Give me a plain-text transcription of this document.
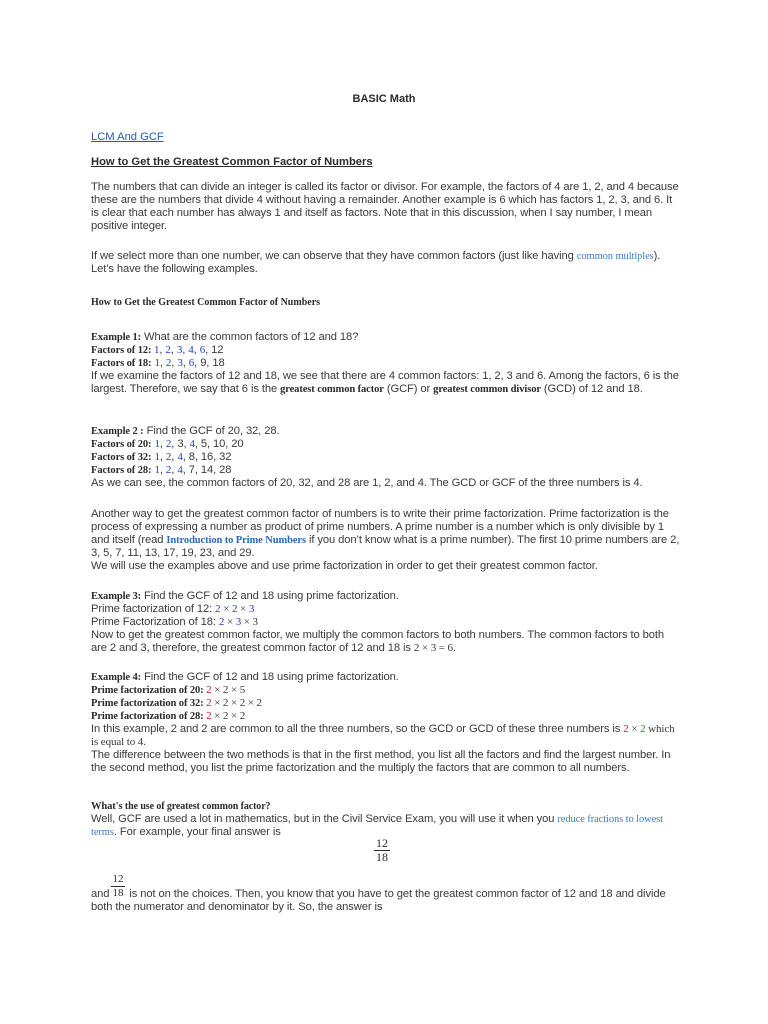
BASIC Math
LCM And GCF
How to Get the Greatest Common Factor of Numbers
The numbers that can divide an integer is called its factor or divisor. For example, the factors of 4 are 1, 2, and 4 because these are the numbers that divide 4 without having a remainder. Another example is 6 which has factors 1, 2, 3, and 6. It is clear that each number has always 1 and itself as factors. Note that in this discussion, when I say number, I mean positive integer.
If we select more than one number, we can observe that they have common factors (just like having common multiples). Let’s have the following examples.
How to Get the Greatest Common Factor of Numbers
Example 1: What are the common factors of 12 and 18?
Factors of 12: 1, 2, 3, 4, 6, 12
Factors of 18: 1, 2, 3, 6, 9, 18
If we examine the factors of 12 and 18, we see that there are 4 common factors: 1, 2, 3 and 6. Among the factors, 6 is the largest. Therefore, we say that 6 is the greatest common factor (GCF) or greatest common divisor (GCD) of 12 and 18.
Example 2 : Find the GCF of 20, 32, 28.
Factors of 20: 1, 2, 3, 4, 5, 10, 20
Factors of 32: 1, 2, 4, 8, 16, 32
Factors of 28: 1, 2, 4, 7, 14, 28
As we can see, the common factors of 20, 32, and 28 are 1, 2, and 4. The GCD or GCF of the three numbers is 4.
Another way to get the greatest common factor of numbers is to write their prime factorization. Prime factorization is the process of expressing a number as product of prime numbers. A prime number is a number which is only divisible by 1 and itself (read Introduction to Prime Numbers if you don’t know what is a prime number). The first 10 prime numbers are 2, 3, 5, 7, 11, 13, 17, 19, 23, and 29.
We will use the examples above and use prime factorization in order to get their greatest common factor.
Example 3: Find the GCF of 12 and 18 using prime factorization.
Prime factorization of 12: 2 × 2 × 3
Prime Factorization of 18: 2 × 3 × 3
Now to get the greatest common factor, we multiply the common factors to both numbers. The common factors to both are 2 and 3, therefore, the greatest common factor of 12 and 18 is 2 × 3 = 6.
Example 4: Find the GCF of 12 and 18 using prime factorization.
Prime factorization of 20: 2 × 2 × 5
Prime factorization of 32: 2 × 2 × 2 × 2
Prime factorization of 28: 2 × 2 × 2
In this example, 2 and 2 are common to all the three numbers, so the GCD or GCD of these three numbers is 2 × 2 which is equal to 4.
The difference between the two methods is that in the first method, you list all the factors and find the largest number. In the second method, you list the prime factorization and the multiply the factors that are common to all numbers.
What's the use of greatest common factor?
Well, GCF are used a lot in mathematics, but in the Civil Service Exam, you will use it when you reduce fractions to lowest terms. For example, your final answer is
12
18
12
18
and is not on the choices. Then, you know that you have to get the greatest common factor of 12 and 18 and divide both the numerator and denominator by it. So, the answer is
